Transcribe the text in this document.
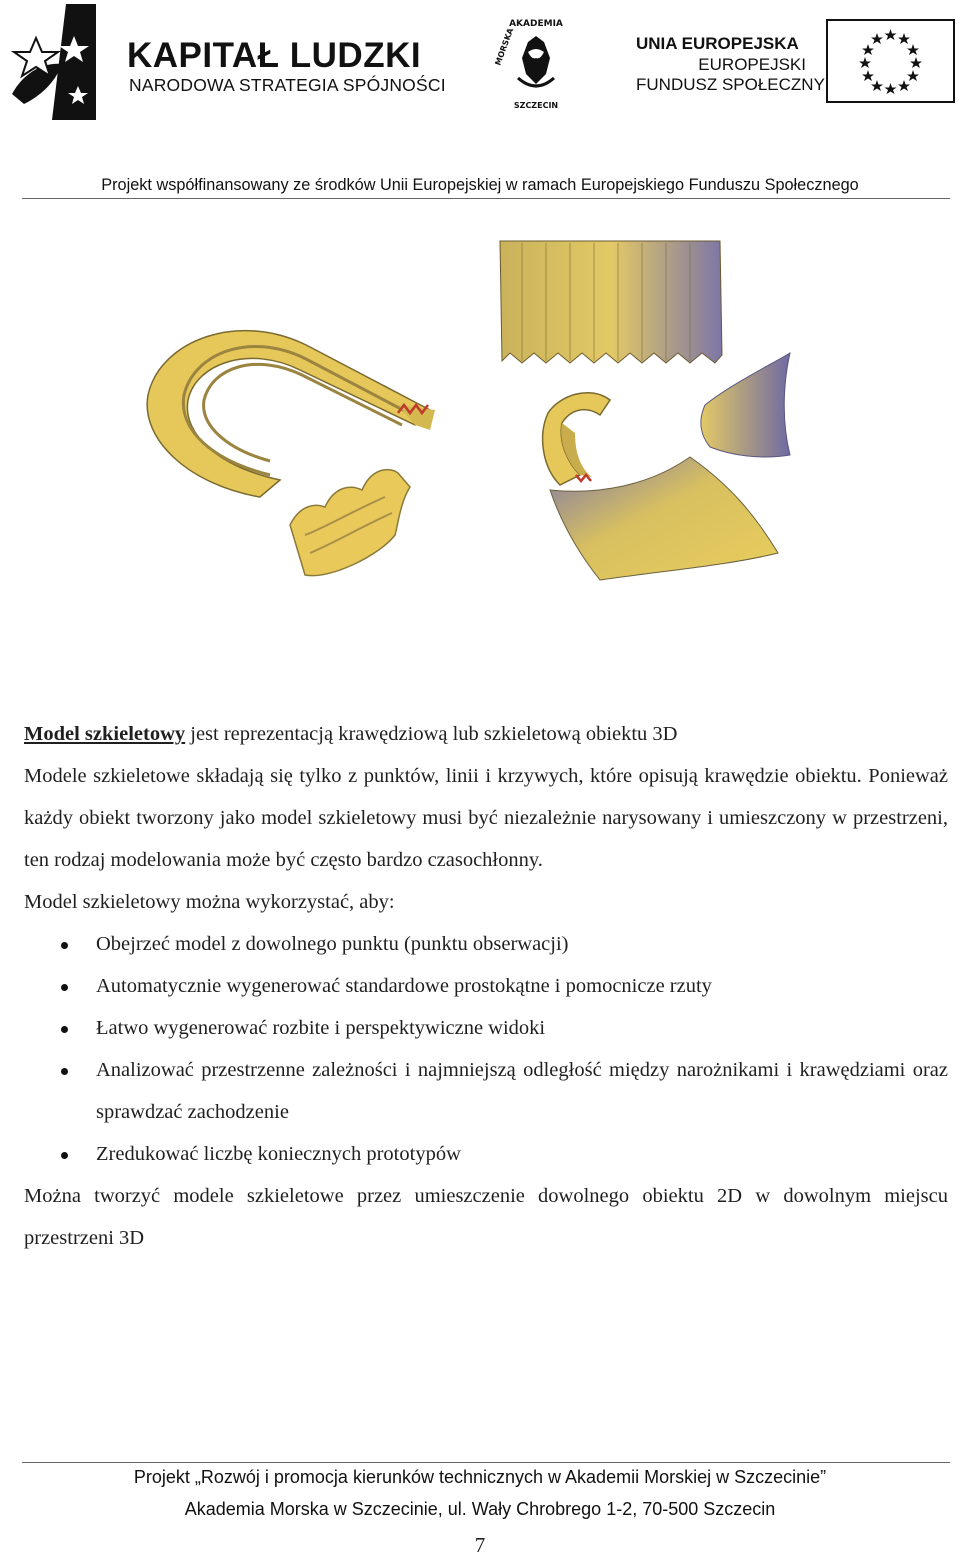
KAPITAŁ LUDZKI
NARODOWA STRATEGIA SPÓJNOŚCI
AKADEMIA
MORSKA
SZCZECIN
UNIA EUROPEJSKA
EUROPEJSKI
FUNDUSZ SPOŁECZNY
Projekt współfinansowany ze środków Unii Europejskiej w ramach Europejskiego Funduszu Społecznego

Model szkieletowy jest reprezentacją krawędziową lub szkieletową obiektu 3D

Modele szkieletowe składają się tylko z punktów, linii i krzywych, które opisują krawędzie obiektu. Ponieważ każdy obiekt tworzony jako model szkieletowy musi być niezależnie narysowany i umieszczony w przestrzeni, ten rodzaj modelowania może być często bardzo czasochłonny.

Model szkieletowy można wykorzystać, aby:

Obejrzeć model z dowolnego punktu (punktu obserwacji)
Automatycznie wygenerować standardowe prostokątne i pomocnicze rzuty
Łatwo wygenerować rozbite i perspektywiczne widoki
Analizować przestrzenne zależności i najmniejszą odległość między narożnikami i krawędziami oraz sprawdzać zachodzenie
Zredukować liczbę koniecznych prototypów

Można tworzyć modele szkieletowe przez umieszczenie dowolnego obiektu 2D w dowolnym miejscu przestrzeni 3D

Projekt „Rozwój i promocja kierunków technicznych w Akademii Morskiej w Szczecinie”
Akademia Morska w Szczecinie, ul. Wały Chrobrego 1-2, 70-500 Szczecin
7
